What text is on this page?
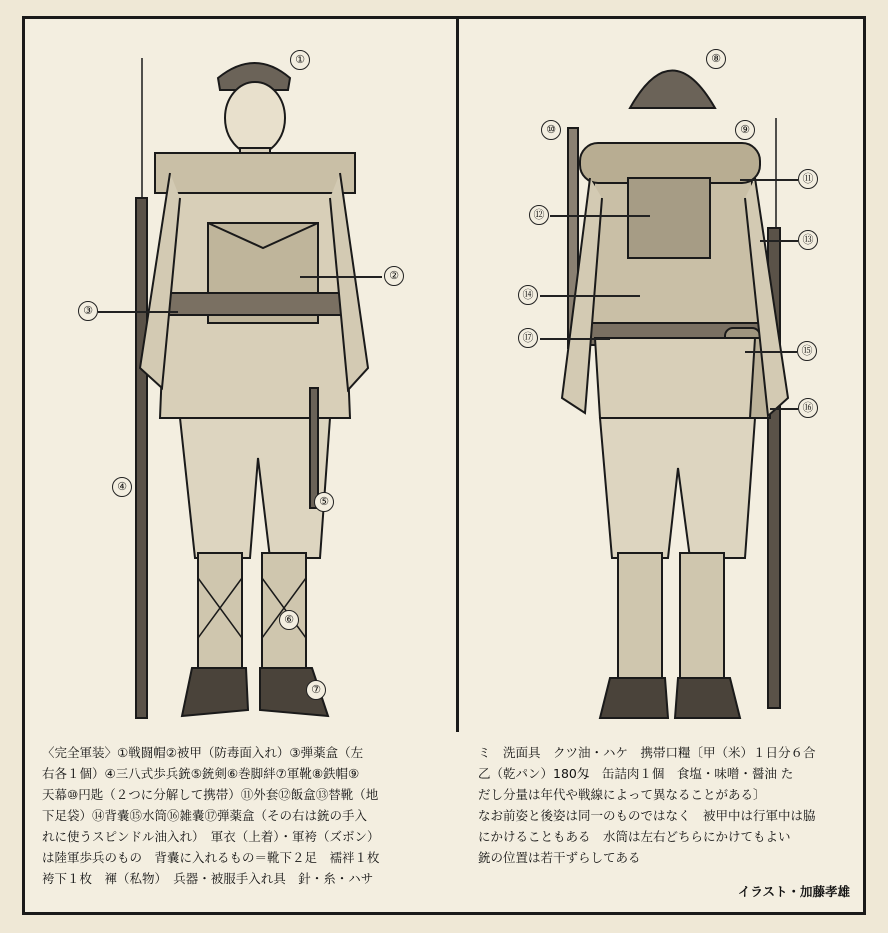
①
②
③
④
⑤
⑥
⑦
⑧
⑨
⑩
⑪
⑫
⑬
⑭
⑮
⑯
⑰
〈完全軍装〉①戦闘帽②被甲（防毒面入れ）③弾薬盒（左
右各１個）④三八式歩兵銃⑤銃剣⑥巻脚絆⑦軍靴⑧鉄帽⑨
天幕⑩円匙（２つに分解して携帯）⑪外套⑫飯盒⑬替靴（地
下足袋）⑭背嚢⑮水筒⑯雑嚢⑰弾薬盒（その右は銃の手入
れに使うスピンドル油入れ）　軍衣（上着）・軍袴（ズボン）
は陸軍歩兵のもの　背嚢に入れるもの＝靴下２足　襦袢１枚
袴下１枚　褌（私物）　兵器・被服手入れ具　針・糸・ハサ
ミ　洗面具　クツ油・ハケ　携帯口糧〔甲（米）１日分６合
乙（乾パン）180匁　缶詰肉１個　食塩・味噌・醤油 た
だし分量は年代や戦線によって異なることがある〕
なお前姿と後姿は同一のものではなく　被甲中は行軍中は脇
にかけることもある　水筒は左右どちらにかけてもよい
銃の位置は若干ずらしてある
イラスト・加藤孝雄
